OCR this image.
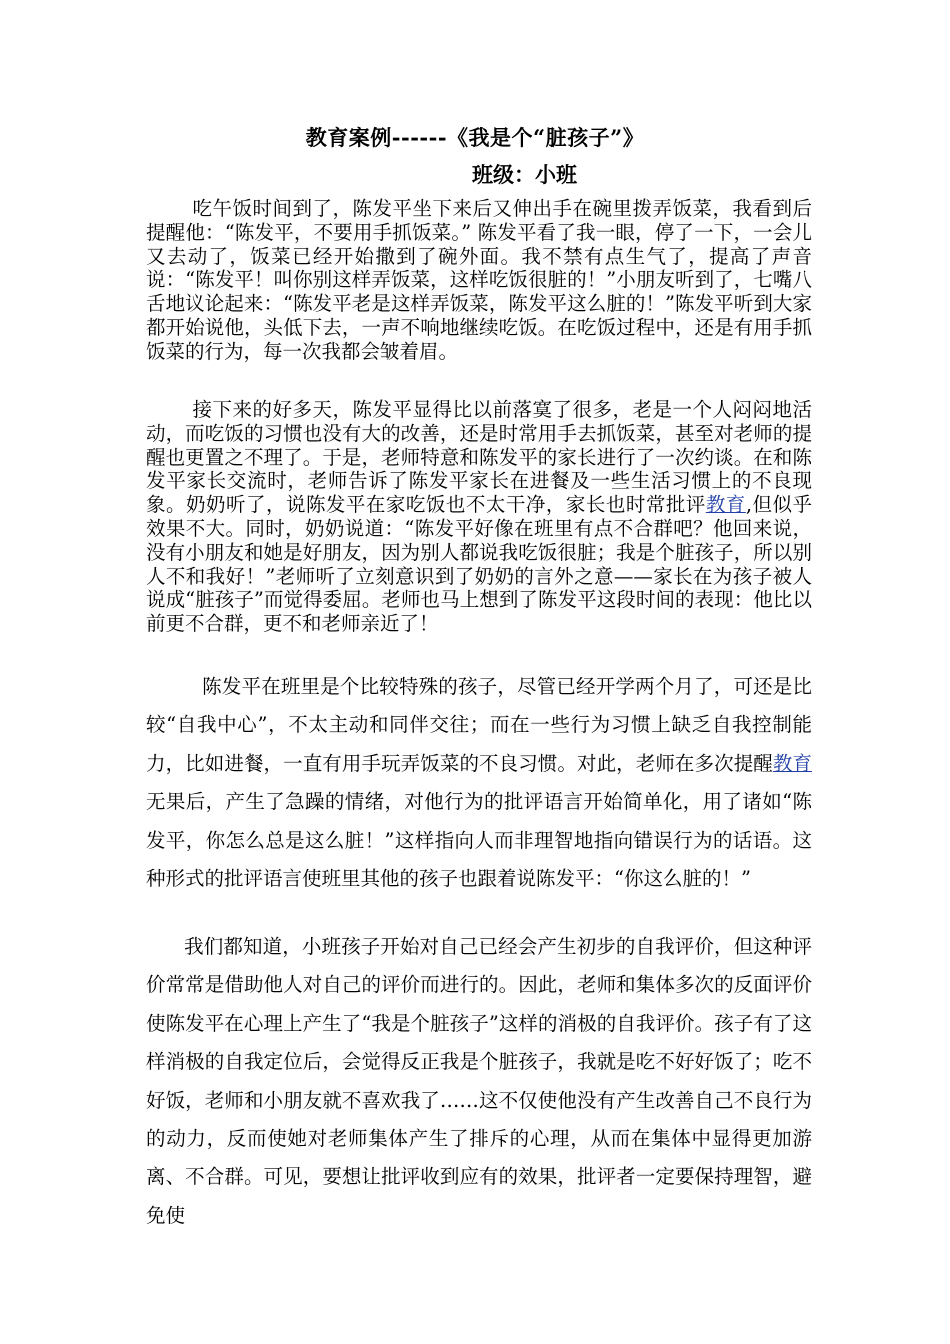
教育案例------《我是个“脏孩子”》
班级：小班

吃午饭时间到了，陈发平坐下来后又伸出手在碗里拨弄饭菜，我看到后提醒他：“陈发平，不要用手抓饭菜。” 陈发平看了我一眼，停了一下，一会儿又去动了，饭菜已经开始撒到了碗外面。我不禁有点生气了，提高了声音说：“陈发平！叫你别这样弄饭菜，这样吃饭很脏的！”小朋友听到了，七嘴八舌地议论起来：“陈发平老是这样弄饭菜，陈发平这么脏的！”陈发平听到大家都开始说他，头低下去，一声不响地继续吃饭。在吃饭过程中，还是有用手抓饭菜的行为，每一次我都会皱着眉。

接下来的好多天，陈发平显得比以前落寞了很多，老是一个人闷闷地活动，而吃饭的习惯也没有大的改善，还是时常用手去抓饭菜，甚至对老师的提醒也更置之不理了。于是，老师特意和陈发平的家长进行了一次约谈。在和陈发平家长交流时，老师告诉了陈发平家长在进餐及一些生活习惯上的不良现象。奶奶听了，说陈发平在家吃饭也不太干净，家长也时常批评教育,但似乎效果不大。同时，奶奶说道：“陈发平好像在班里有点不合群吧？他回来说，没有小朋友和她是好朋友，因为别人都说我吃饭很脏；我是个脏孩子，所以别人不和我好！”老师听了立刻意识到了奶奶的言外之意——家长在为孩子被人说成“脏孩子”而觉得委屈。老师也马上想到了陈发平这段时间的表现：他比以前更不合群，更不和老师亲近了！

陈发平在班里是个比较特殊的孩子，尽管已经开学两个月了，可还是比较“自我中心”，不太主动和同伴交往；而在一些行为习惯上缺乏自我控制能力，比如进餐，一直有用手玩弄饭菜的不良习惯。对此，老师在多次提醒教育无果后，产生了急躁的情绪，对他行为的批评语言开始简单化，用了诸如“陈发平，你怎么总是这么脏！”这样指向人而非理智地指向错误行为的话语。这种形式的批评语言使班里其他的孩子也跟着说陈发平：“你这么脏的！”

我们都知道，小班孩子开始对自己已经会产生初步的自我评价，但这种评价常常是借助他人对自己的评价而进行的。因此，老师和集体多次的反面评价使陈发平在心理上产生了“我是个脏孩子”这样的消极的自我评价。孩子有了这样消极的自我定位后，会觉得反正我是个脏孩子，我就是吃不好好饭了；吃不好饭，老师和小朋友就不喜欢我了……这不仅使他没有产生改善自己不良行为的动力，反而使她对老师集体产生了排斥的心理，从而在集体中显得更加游离、不合群。可见，要想让批评收到应有的效果，批评者一定要保持理智，避免使
